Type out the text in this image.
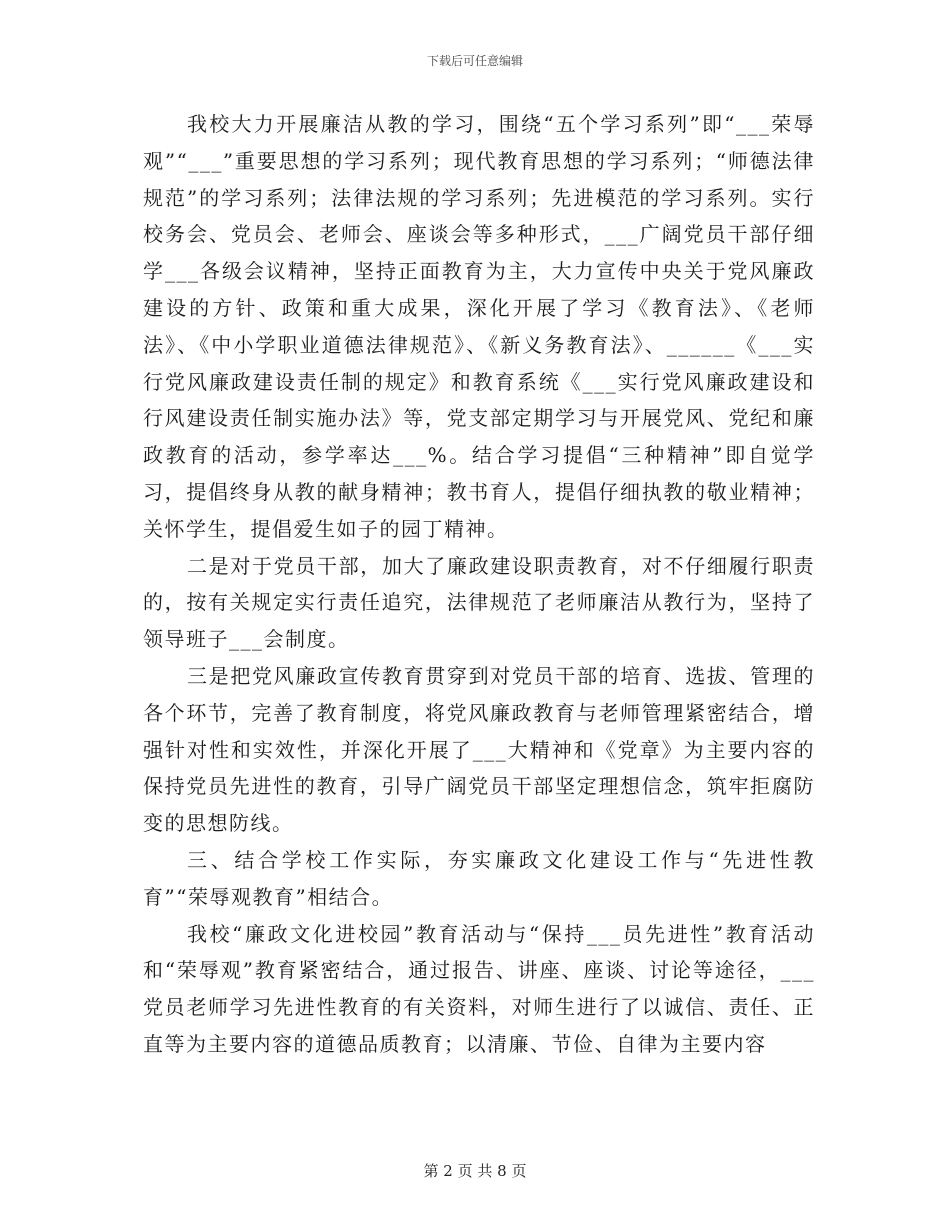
下载后可任意编辑

我校大力开展廉洁从教的学习，围绕“五个学习系列”即“___荣辱观”“___”重要思想的学习系列；现代教育思想的学习系列；“师德法律规范”的学习系列；法律法规的学习系列；先进模范的学习系列。实行校务会、党员会、老师会、座谈会等多种形式，___广阔党员干部仔细学___各级会议精神，坚持正面教育为主，大力宣传中央关于党风廉政建设的方针、政策和重大成果，深化开展了学习《教育法》、《老师法》、《中小学职业道德法律规范》、《新义务教育法》、______《___实行党风廉政建设责任制的规定》和教育系统《___实行党风廉政建设和行风建设责任制实施办法》等，党支部定期学习与开展党风、党纪和廉政教育的活动，参学率达___%。结合学习提倡“三种精神”即自觉学习，提倡终身从教的献身精神；教书育人，提倡仔细执教的敬业精神；关怀学生，提倡爱生如子的园丁精神。

二是对于党员干部，加大了廉政建设职责教育，对不仔细履行职责的，按有关规定实行责任追究，法律规范了老师廉洁从教行为，坚持了领导班子___会制度。

三是把党风廉政宣传教育贯穿到对党员干部的培育、选拔、管理的各个环节，完善了教育制度，将党风廉政教育与老师管理紧密结合，增强针对性和实效性，并深化开展了___大精神和《党章》为主要内容的保持党员先进性的教育，引导广阔党员干部坚定理想信念，筑牢拒腐防变的思想防线。

三、结合学校工作实际，夯实廉政文化建设工作与“先进性教育”“荣辱观教育”相结合。

我校“廉政文化进校园”教育活动与“保持___员先进性”教育活动和“荣辱观”教育紧密结合，通过报告、讲座、座谈、讨论等途径，___党员老师学习先进性教育的有关资料，对师生进行了以诚信、责任、正直等为主要内容的道德品质教育；以清廉、节俭、自律为主要内容

第 2 页 共 8 页
